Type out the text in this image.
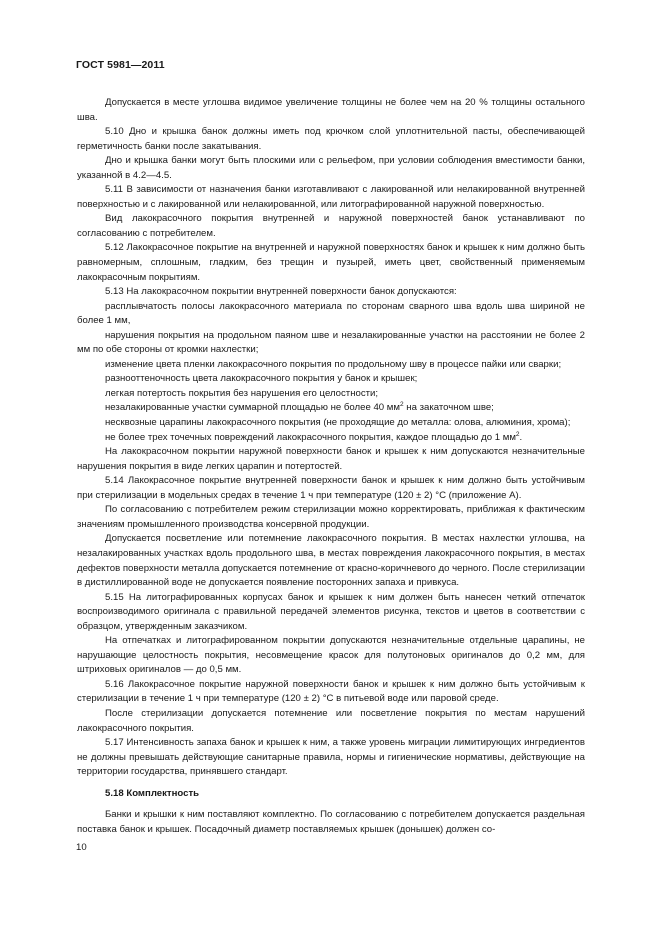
ГОСТ 5981—2011

Допускается в месте углошва видимое увеличение толщины не более чем на 20 % толщины остального шва.

5.10 Дно и крышка банок должны иметь под крючком слой уплотнительной пасты, обеспечивающей герметичность банки после закатывания.

Дно и крышка банки могут быть плоскими или с рельефом, при условии соблюдения вместимости банки, указанной в 4.2—4.5.

5.11 В зависимости от назначения банки изготавливают с лакированной или нелакированной внутренней поверхностью и с лакированной или нелакированной, или литографированной наружной поверхностью.

Вид лакокрасочного покрытия внутренней и наружной поверхностей банок устанавливают по согласованию с потребителем.

5.12 Лакокрасочное покрытие на внутренней и наружной поверхностях банок и крышек к ним должно быть равномерным, сплошным, гладким, без трещин и пузырей, иметь цвет, свойственный применяемым лакокрасочным покрытиям.

5.13 На лакокрасочном покрытии внутренней поверхности банок допускаются:

расплывчатость полосы лакокрасочного материала по сторонам сварного шва вдоль шва шириной не более 1 мм,

нарушения покрытия на продольном паяном шве и незалакированные участки на расстоянии не более 2 мм по обе стороны от кромки нахлестки;

изменение цвета пленки лакокрасочного покрытия по продольному шву в процессе пайки или сварки;

разнооттеночность цвета лакокрасочного покрытия у банок и крышек;

легкая потертость покрытия без нарушения его целостности;

незалакированные участки суммарной площадью не более 40 $мм^2$ на закаточном шве;

несквозные царапины лакокрасочного покрытия (не проходящие до металла: олова, алюминия, хрома);

не более трех точечных повреждений лакокрасочного покрытия, каждое площадью до 1 $мм^2$.

На лакокрасочном покрытии наружной поверхности банок и крышек к ним допускаются незначительные нарушения покрытия в виде легких царапин и потертостей.

5.14 Лакокрасочное покрытие внутренней поверхности банок и крышек к ним должно быть устойчивым при стерилизации в модельных средах в течение 1 ч при температуре (120 ± 2) °С (приложение А).

По согласованию с потребителем режим стерилизации можно корректировать, приближая к фактическим значениям промышленного производства консервной продукции.

Допускается посветление или потемнение лакокрасочного покрытия. В местах нахлестки углошва, на незалакированных участках вдоль продольного шва, в местах повреждения лакокрасочного покрытия, в местах дефектов поверхности металла допускается потемнение от красно-коричневого до черного. После стерилизации в дистиллированной воде не допускается появление посторонних запаха и привкуса.

5.15 На литографированных корпусах банок и крышек к ним должен быть нанесен четкий отпечаток воспроизводимого оригинала с правильной передачей элементов рисунка, текстов и цветов в соответствии с образцом, утвержденным заказчиком.

На отпечатках и литографированном покрытии допускаются незначительные отдельные царапины, не нарушающие целостность покрытия, несовмещение красок для полутоновых оригиналов до 0,2 мм, для штриховых оригиналов — до 0,5 мм.

5.16 Лакокрасочное покрытие наружной поверхности банок и крышек к ним должно быть устойчивым к стерилизации в течение 1 ч при температуре (120 ± 2) °С в питьевой воде или паровой среде.

После стерилизации допускается потемнение или посветление покрытия по местам нарушений лакокрасочного покрытия.

5.17 Интенсивность запаха банок и крышек к ним, а также уровень миграции лимитирующих ингредиентов не должны превышать действующие санитарные правила, нормы и гигиенические нормативы, действующие на территории государства, принявшего стандарт.

5.18 Комплектность

Банки и крышки к ним поставляют комплектно. По согласованию с потребителем допускается раздельная поставка банок и крышек. Посадочный диаметр поставляемых крышек (донышек) должен со-

10
